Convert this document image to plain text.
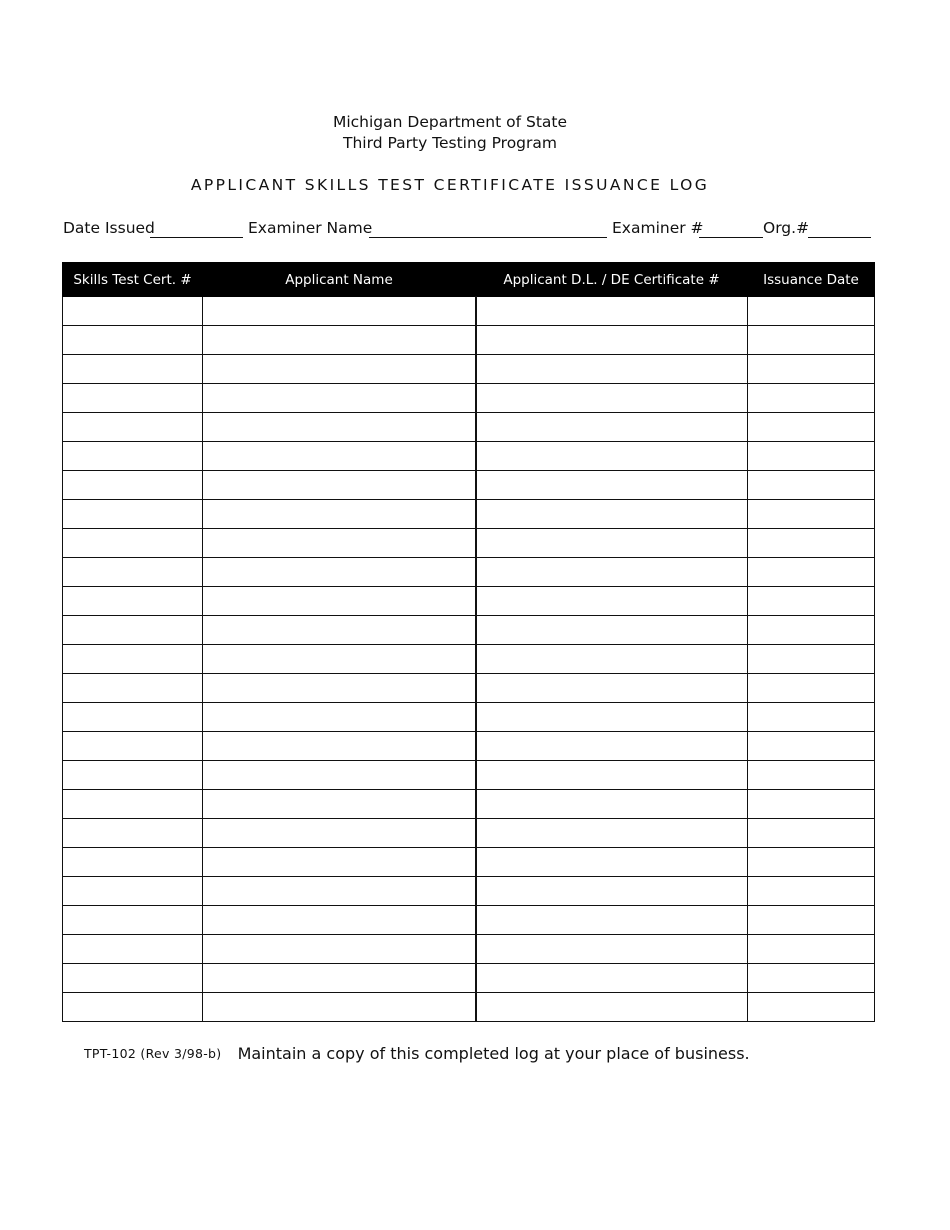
Michigan Department of State
Third Party Testing Program
APPLICANT SKILLS TEST CERTIFICATE ISSUANCE LOG
Date Issued	Examiner Name	Examiner #	Org.#
Skills Test Cert. #	Applicant Name	Applicant D.L. / DE Certificate #	Issuance Date

TPT-102 (Rev 3/98-b) Maintain a copy of this completed log at your place of business.
